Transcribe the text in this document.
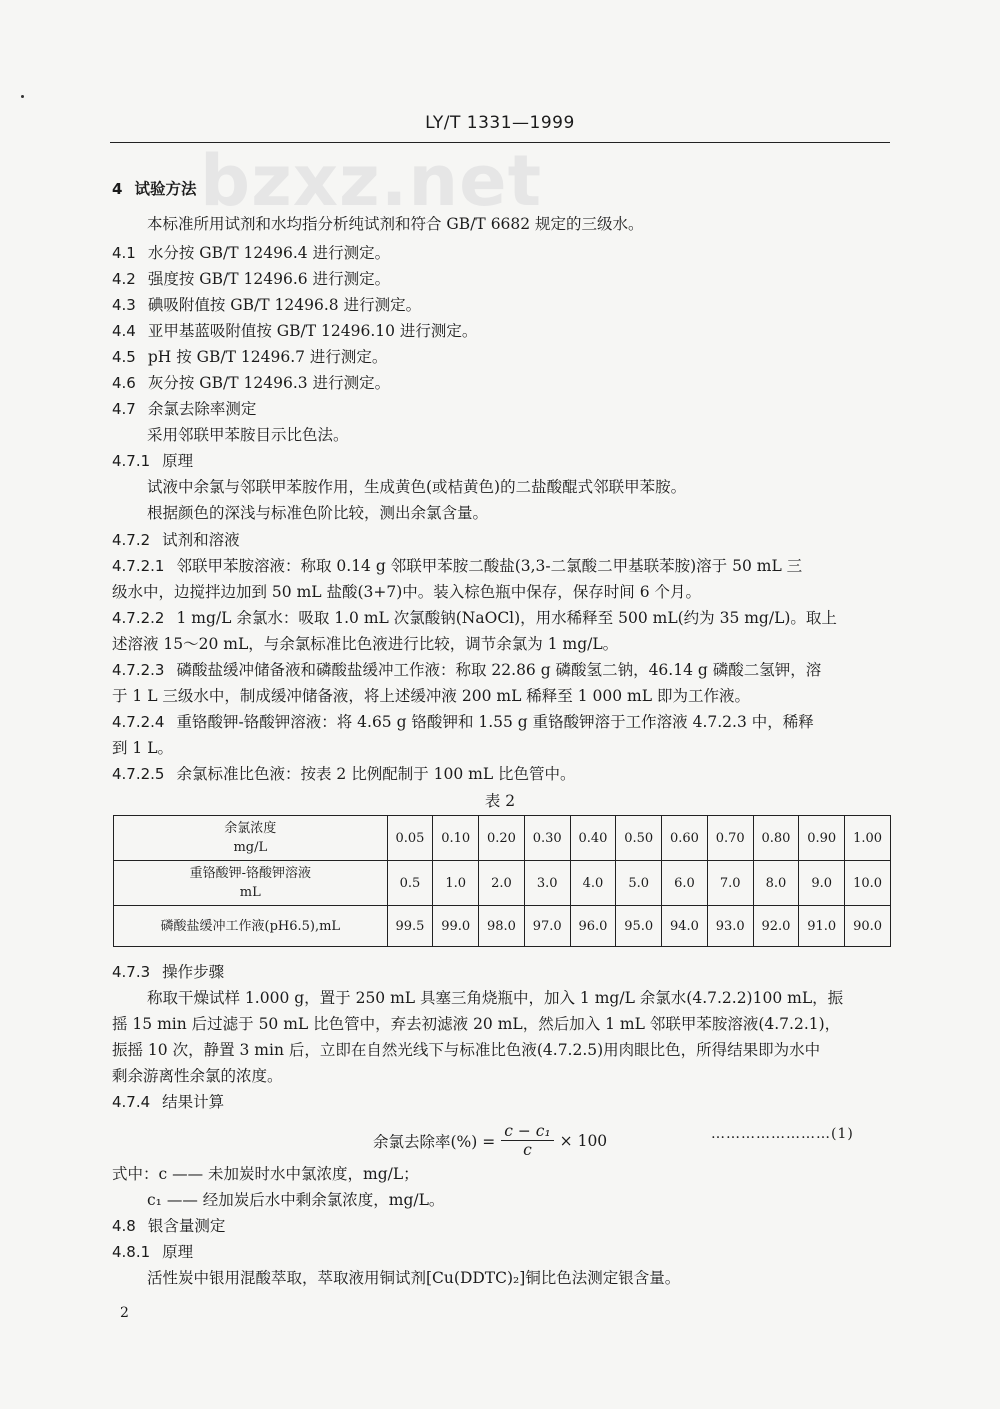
bzxz.net
LY/T 1331—1999
4 试验方法
本标准所用试剂和水均指分析纯试剂和符合 GB/T 6682 规定的三级水。
4.1 水分按 GB/T 12496.4 进行测定。
4.2 强度按 GB/T 12496.6 进行测定。
4.3 碘吸附值按 GB/T 12496.8 进行测定。
4.4 亚甲基蓝吸附值按 GB/T 12496.10 进行测定。
4.5 pH 按 GB/T 12496.7 进行测定。
4.6 灰分按 GB/T 12496.3 进行测定。
4.7 余氯去除率测定
采用邻联甲苯胺目示比色法。
4.7.1 原理
试液中余氯与邻联甲苯胺作用，生成黄色(或桔黄色)的二盐酸醌式邻联甲苯胺。
根据颜色的深浅与标准色阶比较，测出余氯含量。
4.7.2 试剂和溶液
4.7.2.1 邻联甲苯胺溶液：称取 0.14 g 邻联甲苯胺二酸盐(3,3-二氯酸二甲基联苯胺)溶于 50 mL 三
级水中，边搅拌边加到 50 mL 盐酸(3+7)中。装入棕色瓶中保存，保存时间 6 个月。
4.7.2.2 1 mg/L 余氯水：吸取 1.0 mL 次氯酸钠(NaOCl)，用水稀释至 500 mL(约为 35 mg/L)。取上
述溶液 15～20 mL，与余氯标准比色液进行比较，调节余氯为 1 mg/L。
4.7.2.3 磷酸盐缓冲储备液和磷酸盐缓冲工作液：称取 22.86 g 磷酸氢二钠，46.14 g 磷酸二氢钾，溶
于 1 L 三级水中，制成缓冲储备液，将上述缓冲液 200 mL 稀释至 1 000 mL 即为工作液。
4.7.2.4 重铬酸钾-铬酸钾溶液：将 4.65 g 铬酸钾和 1.55 g 重铬酸钾溶于工作溶液 4.7.2.3 中，稀释
到 1 L。
4.7.2.5 余氯标准比色液：按表 2 比例配制于 100 mL 比色管中。
表 2
余氯浓度
mg/L	0.05	0.10	0.20	0.30	0.40	0.50	0.60	0.70	0.80	0.90	1.00

重铬酸钾-铬酸钾溶液
mL	0.5	1.0	2.0	3.0	4.0	5.0	6.0	7.0	8.0	9.0	10.0

磷酸盐缓冲工作液(pH6.5),mL	99.5	99.0	98.0	97.0	96.0	95.0	94.0	93.0	92.0	91.0	90.0
4.7.3 操作步骤
称取干燥试样 1.000 g，置于 250 mL 具塞三角烧瓶中，加入 1 mg/L 余氯水(4.7.2.2)100 mL，振
摇 15 min 后过滤于 50 mL 比色管中，弃去初滤液 20 mL，然后加入 1 mL 邻联甲苯胺溶液(4.7.2.1)，
振摇 10 次，静置 3 min 后，立即在自然光线下与标准比色液(4.7.2.5)用肉眼比色，所得结果即为水中
剩余游离性余氯的浓度。
4.7.4 结果计算
余氯去除率(%) = $\frac{\text{c − c₁}}{c} \times 100$	……………………(1)
式中：c —— 未加炭时水中氯浓度，mg/L；
c₁ —— 经加炭后水中剩余氯浓度，mg/L。
4.8 银含量测定
4.8.1 原理
活性炭中银用混酸萃取，萃取液用铜试剂[Cu(DDTC)₂]铜比色法测定银含量。
2
